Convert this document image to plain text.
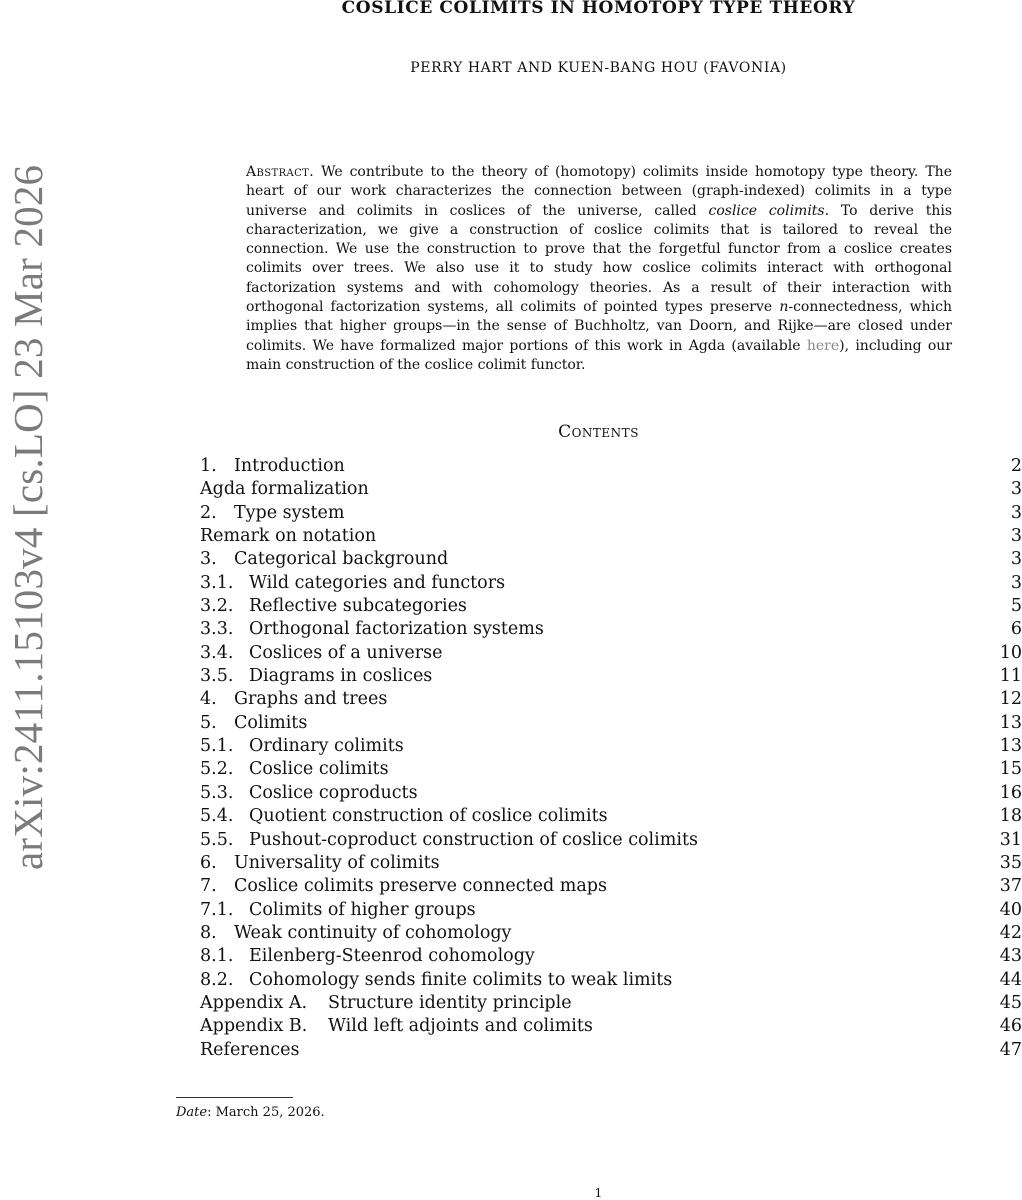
arXiv:2411.15103v4 [cs.LO] 23 Mar 2026
COSLICE COLIMITS IN HOMOTOPY TYPE THEORY
PERRY HART AND KUEN-BANG HOU (FAVONIA)
Abstract. We contribute to the theory of (homotopy) colimits inside homotopy type theory. The heart of our work characterizes the connection between (graph-indexed) colimits in a type universe and colimits in coslices of the universe, called coslice colimits. To derive this characterization, we give a construction of coslice colimits that is tailored to reveal the connection. We use the construction to prove that the forgetful functor from a coslice creates colimits over trees. We also use it to study how coslice colimits interact with orthogonal factorization systems and with cohomology theories. As a result of their interaction with orthogonal factorization systems, all colimits of pointed types preserve n-connectedness, which implies that higher groups—in the sense of Buchholtz, van Doorn, and Rijke—are closed under colimits. We have formalized major portions of this work in Agda (available here), including our main construction of the coslice colimit functor.
Contents
1. Introduction	2
Agda formalization	3
2. Type system	3
Remark on notation	3
3. Categorical background	3
3.1. Wild categories and functors	3
3.2. Reflective subcategories	5
3.3. Orthogonal factorization systems	6
3.4. Coslices of a universe	10
3.5. Diagrams in coslices	11
4. Graphs and trees	12
5. Colimits	13
5.1. Ordinary colimits	13
5.2. Coslice colimits	15
5.3. Coslice coproducts	16
5.4. Quotient construction of coslice colimits	18
5.5. Pushout-coproduct construction of coslice colimits	31
6. Universality of colimits	35
7. Coslice colimits preserve connected maps	37
7.1. Colimits of higher groups	40
8. Weak continuity of cohomology	42
8.1. Eilenberg-Steenrod cohomology	43
8.2. Cohomology sends finite colimits to weak limits	44
Appendix A. Structure identity principle	45
Appendix B. Wild left adjoints and colimits	46
References	47
Date: March 25, 2026.
1
